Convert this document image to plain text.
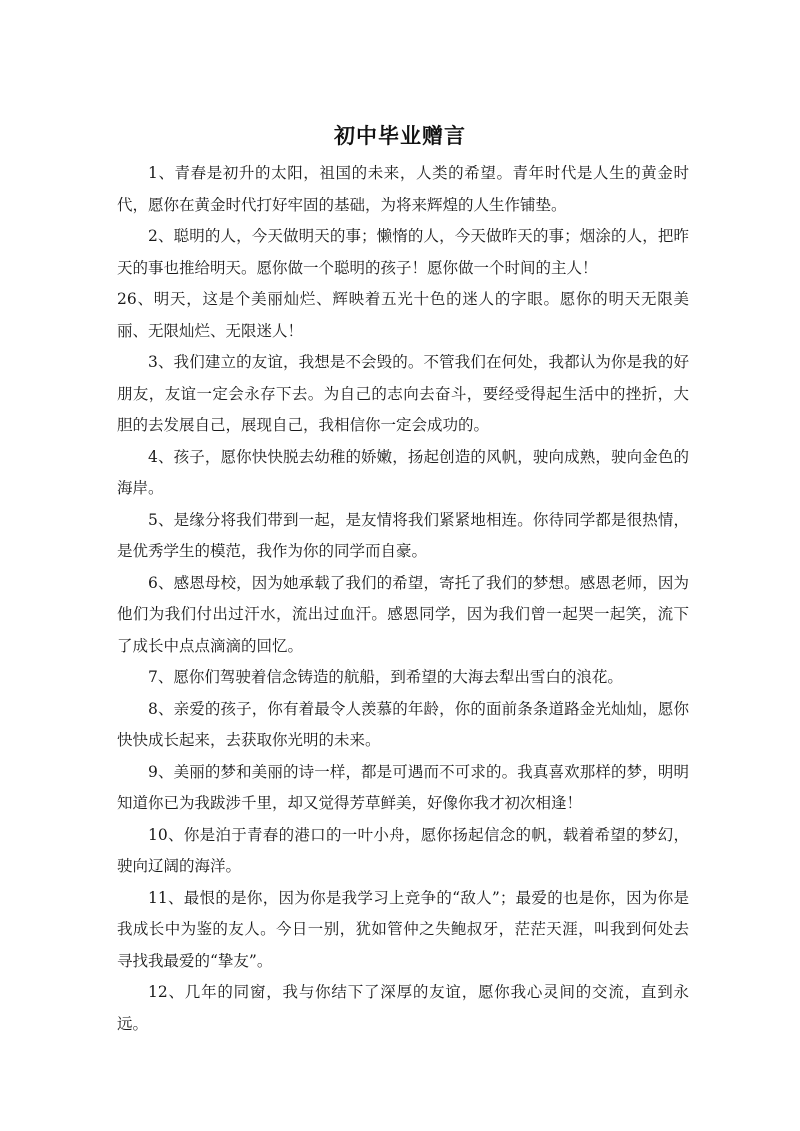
初中毕业赠言

1、青春是初升的太阳，祖国的未来，人类的希望。青年时代是人生的黄金时代，愿你在黄金时代打好牢固的基础，为将来辉煌的人生作铺垫。

2、聪明的人，今天做明天的事；懒惰的人，今天做昨天的事；烟涂的人，把昨天的事也推给明天。愿你做一个聪明的孩子！愿你做一个时间的主人！

26、明天，这是个美丽灿烂、辉映着五光十色的迷人的字眼。愿你的明天无限美丽、无限灿烂、无限迷人！

3、我们建立的友谊，我想是不会毁的。不管我们在何处，我都认为你是我的好朋友，友谊一定会永存下去。为自己的志向去奋斗，要经受得起生活中的挫折，大胆的去发展自己，展现自己，我相信你一定会成功的。

4、孩子，愿你快快脱去幼稚的娇嫩，扬起创造的风帆，驶向成熟，驶向金色的海岸。

5、是缘分将我们带到一起，是友情将我们紧紧地相连。你待同学都是很热情，是优秀学生的模范，我作为你的同学而自豪。

6、感恩母校，因为她承载了我们的希望，寄托了我们的梦想。感恩老师，因为他们为我们付出过汗水，流出过血汗。感恩同学，因为我们曾一起哭一起笑，流下了成长中点点滴滴的回忆。

7、愿你们驾驶着信念铸造的航船，到希望的大海去犁出雪白的浪花。

8、亲爱的孩子，你有着最令人羡慕的年龄，你的面前条条道路金光灿灿，愿你快快成长起来，去获取你光明的未来。

9、美丽的梦和美丽的诗一样，都是可遇而不可求的。我真喜欢那样的梦，明明知道你已为我跋涉千里，却又觉得芳草鲜美，好像你我才初次相逢！

10、你是泊于青春的港口的一叶小舟，愿你扬起信念的帆，载着希望的梦幻，驶向辽阔的海洋。

11、最恨的是你，因为你是我学习上竞争的“敌人”；最爱的也是你，因为你是我成长中为鉴的友人。今日一别，犹如管仲之失鲍叔牙，茫茫天涯，叫我到何处去寻找我最爱的“挚友”。

12、几年的同窗，我与你结下了深厚的友谊，愿你我心灵间的交流，直到永远。
